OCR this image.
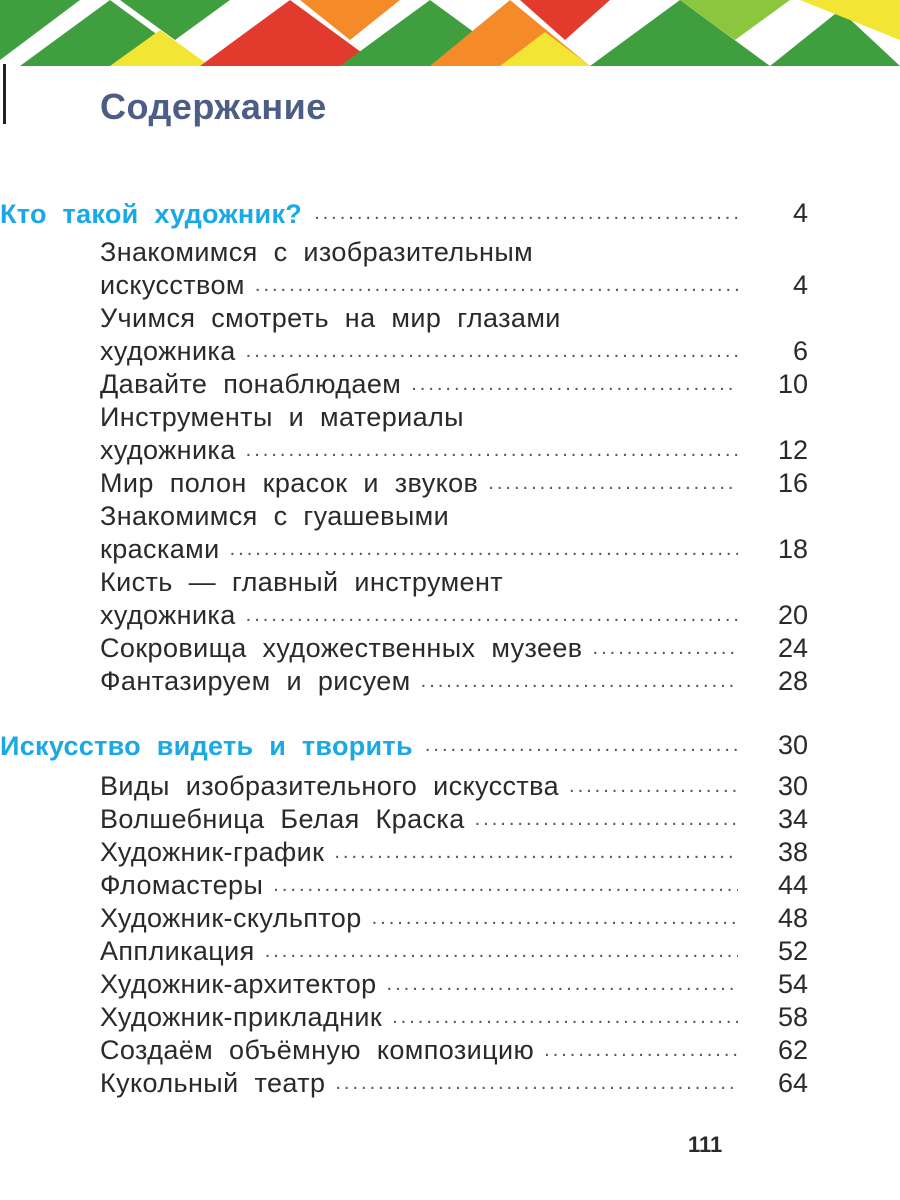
Содержание
Кто такой художник? .....	4
Знакомимся с изобразительным
искусством .....	4
Учимся смотреть на мир глазами
художника .....	6
Давайте понаблюдаем .....	10
Инструменты и материалы
художника .....	12
Мир полон красок и звуков .....	16
Знакомимся с гуашевыми
красками .....	18
Кисть — главный инструмент
художника .....	20
Сокровища художественных музеев .....	24
Фантазируем и рисуем .....	28
Искусство видеть и творить .....	30
Виды изобразительного искусства .....	30
Волшебница Белая Краска .....	34
Художник-график .....	38
Фломастеры .....	44
Художник-скульптор .....	48
Аппликация .....	52
Художник-архитектор .....	54
Художник-прикладник .....	58
Создаём объёмную композицию .....	62
Кукольный театр .....	64
111
